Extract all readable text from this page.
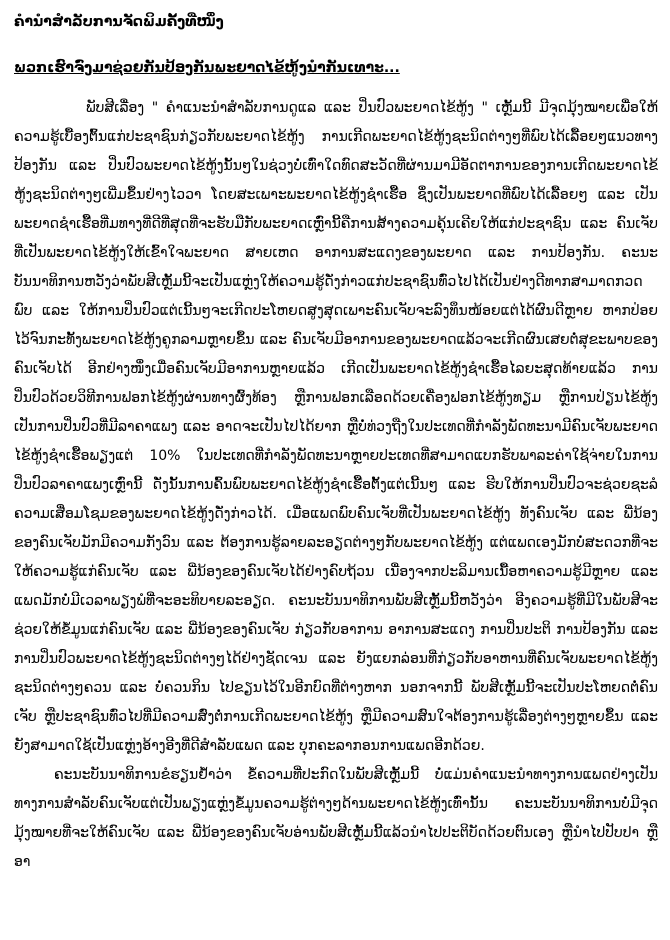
ຄຳນຳສຳລັບການຈັດພິມຄັ້ງທີ່ໜຶ່ງ
ພວກເຮົາຈົ່ງມາຊ່ວຍກັນປ້ອງກັນພະຍາດໄຂ້ຫູ້ງນຳກັນເທາະ...

ພັບສີເລື່ອງ " ຄຳແນະນຳສຳລັບການດູແລ ແລະ ປິ່ນປົວພະຍາດໄຂ້ຫູ້ງ " ເຫຼັ້ມນີ້ ມີຈຸດມຸ້ງໝາຍເພື່ອໃຫ້ຄວາມຮູ້ເບື້ອງຕົ້ນແກ່ປະຊາຊົນກ່ຽວກັບພະຍາດໄຂ້ຫູ້ງ ການເກີດພະຍາດໄຂ້ຫູ້ງຊະນິດຕ່າງໆທີ່ພົບໄດ້ເລື້ອຍໆແນວທາງປ້ອງກັນ ແລະ ປິ່ນປົວພະຍາດໄຂ້ຫູ້ງນັ້ນໆໃນຊ່ວງບໍ່ເທົ່າໃດທົດສະວັດທີ່ຜ່ານມາມີອັດຕາການຂອງການເກີດພະຍາດໄຂ້ຫູ້ງຊະນິດຕ່າງໆເພີ່ມຂຶ້ນຢ່າງໄວວາ ໂດຍສະເພາະພະຍາດໄຂ້ຫູ້ງຊຳເຮື້ອ ຊຶ່ງເປັນພະຍາດທີ່ພົບໄດ້ເລື້ອຍໆ ແລະ ເປັນພະຍາດຊຳເຮື້ອທີ່ມທາງທີ່ດີທີ່ສຸດທີ່ຈະຮັບມືກັບພະຍາດເຫຼົ່ານີ້ຄືການສ້າງຄວາມຄຸ້ນເຄີຍໃຫ້ແກ່ປະຊາຊົນ ແລະ ຄົນເຈັບທີ່ເປັນພະຍາດໄຂ້ຫູ້ງໃຫ້ເຂົ້າໃຈພະຍາດ ສາຍເຫດ ອາການສະແດງຂອງພະຍາດ ແລະ ການປ້ອງກັນ. ຄະນະບັນນາທິການຫວັງວ່າພັບສີເຫຼັ້ມນີ້ຈະເປັນແຫຼ່ງໃຫ້ຄວາມຮູ້ດັ່ງກ່າວແກ່ປະຊາຊົນທົ່ວໄປໄດ້ເປັນຢ່າງດີທາກສາມາດກວດພົບ ແລະ ໃຫ້ການປິ່ນປົວແຕ່ເນີ້ນໆຈະເກີດປະໂຫຍດສູງສຸດເພາະຄົນເຈັບຈະລົງທຶນໜ້ອຍແຕ່ໄດ້ຜົນດີຫຼາຍ ຫາກປ່ອຍໄວ້ຈົນກະທັ້ງພະຍາດໄຂ້ຫູ້ງຄູກລາມຫຼາຍຂຶ້ນ ແລະ ຄົນເຈັບມີອາການຂອງພະຍາດແລ້ວຈະເກີດຜົນເສຍຕໍ່ສຸຂະພາບຂອງຄົນເຈັບໄດ້ ອີກຢ່າງໜຶ່ງເມື່ອຄົນເຈັບມີອາການຫຼາຍແລ້ວ ເກີດເປັນພະຍາດໄຂ້ຫູ້ງຊຳເຮື້ອໄລຍະສຸດທ້າຍແລ້ວ ການປິ່ນປົວດ້ວຍວິທີການຟອກໄຂ້ຫູ້ງຜ່ານທາງຜົ້ງທ້ອງ ຫຼືການຟອກເລືອດດ້ວຍເຄື່ອງຟອກໄຂ້ຫູ້ງທຽມ ຫຼືການປ່ຽນໄຂ້ຫູ້ງ ເປັນການປິ່ນປົວທີ່ມີລາຄາແພງ ແລະ ອາດຈະເປັນໄປໄດ້ຍາກ ຫຼືບໍ່ທ່ວງຖືງໃນປະເທດທີ່ກຳລັງພັດທະນາມີຄົນເຈັບພະຍາດໄຂ້ຫູ້ງຊຳເຮື້ອພຽງແຕ່ 10% ໃນປະເທດທີ່ກຳລັງພັດທະນາຫຼາຍປະເທດທີ່ສາມາດແບກຮັບພາລະຄ່າໃຊ້ຈ່າຍໃນການປິ່ນປົວລາຄາແພງເຫຼົ່ານີ້ ດັ່ງນັ້ນການຄົ້ນພົບພະຍາດໄຂ້ຫູ້ງຊຳເຮື້ອຕັ້ງແຕ່ເນີ້ນໆ ແລະ ຮີບໃຫ້ການປິ່ນປົວຈະຊ່ວຍຊະລໍຄວາມເສື່ອມໂຊມຂອງພະຍາດໄຂ້ຫູ້ງດັ່ງກ່າວໄດ້. ເມື່ອແພດພົບຄົນເຈັບທີ່ເປັນພະຍາດໄຂ້ຫູ້ງ ທັງຄົນເຈັບ ແລະ ພີ່ນ້ອງຂອງຄົນເຈັບມັກມີຄວາມກັງວົນ ແລະ ຕ້ອງການຮູ້ລາຍລະອຽດຕ່າງໆກັບພະຍາດໄຂ້ຫູ້ງ ແຕ່ແພດເອງມັກບໍ່ສະດວກທີ່ຈະໃຫ້ຄວາມຮູ້ແກ່ຄົນເຈັບ ແລະ ພີ່ນ້ອງຂອງຄົນເຈັບໄດ້ຢ່າງຄົບຖ້ວນ ເນື່ອງຈາກປະລິມານເນື້ອຫາຄວາມຮູ້ມີຫຼາຍ ແລະ ແພດມັກບໍ່ມີເວລາພຽງພໍທີ່ຈະອະທິບາຍລະອຽດ. ຄະນະບັນນາທິການພັບສີເຫຼັ້ມນີ້ຫວັງວ່າ ອີງຄວາມຮູ້ທີ່ມີໃນພັບສີຈະຊ່ວຍໃຫ້ຂໍ້ມູນແກ່ຄົນເຈັບ ແລະ ພີ່ນ້ອງຂອງຄົນເຈັບ ກ່ຽວກັບອາການ ອາການສະແດງ ການປິ່ນປະຕິ ການປ້ອງກັນ ແລະ ການປິ່ນປົວພະຍາດໄຂ້ຫູ້ງຊະນິດຕ່າງໆໄດ້ຢ່າງຊັດເຈນ ແລະ ຍັງແຍກລ່ອນທີ່ກ່ຽວກັບອາຫານທີ່ຄົນເຈັບພະຍາດໄຂ້ຫູ້ງຊະນິດຕ່າງໆຄວນ ແລະ ບໍ່ຄວນກິນ ໄປຂຽນໄວ້ໃນອີກບົດທີ່ຕ່າງຫາກ ນອກຈາກນີ້ ພັບສີເຫຼັ້ມນີ້ຈະເປັນປະໂຫຍດຕໍ່ຄົນເຈັບ ຫຼືປະຊາຊົນທົ່ວໄປທີ່ມີຄວາມສົ່ງຕໍ່ການເກີດພະຍາດໄຂ້ຫູ້ງ ຫຼືມີຄວາມສົນໃຈຕ້ອງການຮູ້ເລື່ອງຕ່າງໆຫຼາຍຂຶ້ນ ແລະ ຍັງສາມາດໃຊ້ເປັນແຫຼ່ງອ້າງອີງທີ່ດີສຳລັບແພດ ແລະ ບຸກຄະລາກອນການແພດອີກດ້ວຍ.

ຄະນະບັນນາທິການຂໍຮຽນຢ້ຳວ່າ ຂໍ້ຄວາມທີ່ປະກົດໃນພັບສີເຫຼັ້ມນີ້ ບໍ່ແມ່ນຄຳແນະນຳທາງການແພດຢ່າງເປັນທາງການສຳລັບຄົນເຈັບແຕ່ເປັນພຽງແຫຼ່ງຂໍ້ມູນຄວາມຮູ້ຕ່າງໆດ້ານພະຍາດໄຂ້ຫູ້ງເທົ່ານັ້ນ ຄະນະບັນນາທິການບໍ່ມີຈຸດມຸ້ງໝາຍທີ່ຈະໃຫ້ຄົນເຈັບ ແລະ ພີ່ນ້ອງຂອງຄົນເຈັບອ່ານພັບສີເຫຼັ້ມນີ້ແລ້ວນຳໄປປະຕິບັດດ້ວຍຕົນເອງ ຫຼືນຳໄປປັບປາ ຫຼື ອາ
